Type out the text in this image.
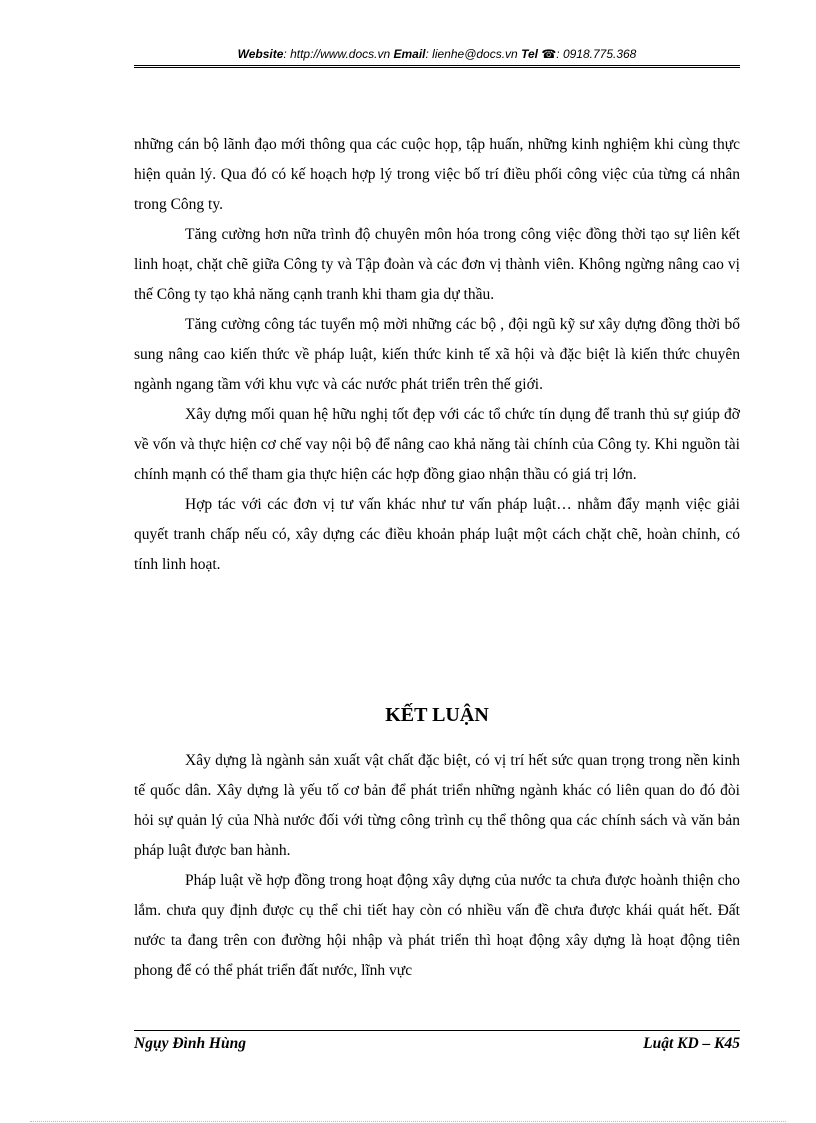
Website: http://www.docs.vn Email: lienhe@docs.vn Tel ☎: 0918.775.368

những cán bộ lãnh đạo mới thông qua các cuộc họp, tập huấn, những kinh nghiệm khi cùng thực hiện quản lý. Qua đó có kế hoạch hợp lý trong việc bố trí điều phối công việc của từng cá nhân trong Công ty.

Tăng cường hơn nữa trình độ chuyên môn hóa trong công việc đồng thời tạo sự liên kết linh hoạt, chặt chẽ giữa Công ty và Tập đoàn và các đơn vị thành viên. Không ngừng nâng cao vị thế Công ty tạo khả năng cạnh tranh khi tham gia dự thầu.

Tăng cường công tác tuyển mộ mời những các bộ , đội ngũ kỹ sư xây dựng đồng thời bổ sung nâng cao kiến thức về pháp luật, kiến thức kinh tế xã hội và đặc biệt là kiến thức chuyên ngành ngang tầm với khu vực và các nước phát triển trên thế giới.

Xây dựng mối quan hệ hữu nghị tốt đẹp với các tổ chức tín dụng để tranh thủ sự giúp đỡ về vốn và thực hiện cơ chế vay nội bộ để nâng cao khả năng tài chính của Công ty. Khi nguồn tài chính mạnh có thể tham gia thực hiện các hợp đồng giao nhận thầu có giá trị lớn.

Hợp tác với các đơn vị tư vấn khác như tư vấn pháp luật… nhằm đẩy mạnh việc giải quyết tranh chấp nếu có, xây dựng các điều khoản pháp luật một cách chặt chẽ, hoàn chỉnh, có tính linh hoạt.

KẾT LUẬN

Xây dựng là ngành sản xuất vật chất đặc biệt, có vị trí hết sức quan trọng trong nền kinh tế quốc dân. Xây dựng là yếu tố cơ bản để phát triển những ngành khác có liên quan do đó đòi hỏi sự quản lý của Nhà nước đối với từng công trình cụ thể thông qua các chính sách và văn bản pháp luật được ban hành.

Pháp luật về hợp đồng trong hoạt động xây dựng của nước ta chưa được hoành thiện cho lắm. chưa quy định được cụ thể chi tiết hay còn có nhiều vấn đề chưa được khái quát hết. Đất nước ta đang trên con đường hội nhập và phát triển thì hoạt động xây dựng là hoạt động tiên phong để có thể phát triển đất nước, lĩnh vực

Ngụy Đình Hùng	Luật KD – K45
